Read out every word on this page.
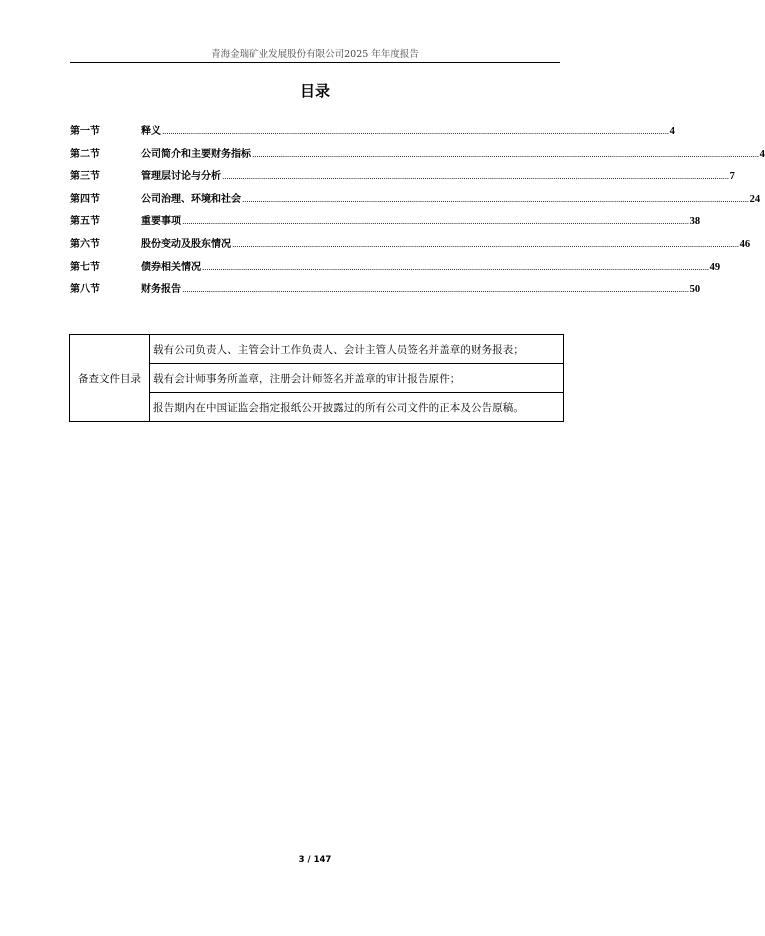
青海金瑞矿业发展股份有限公司2025 年年度报告
目录
第一节	释义 ........................................................................................................................................................................................................................................................ 4
第二节	公司简介和主要财务指标 ........................................................................................................................................................................................................................................................ 4
第三节	管理层讨论与分析 ........................................................................................................................................................................................................................................................ 7
第四节	公司治理、环境和社会 ........................................................................................................................................................................................................................................................ 24
第五节	重要事项 ........................................................................................................................................................................................................................................................ 38
第六节	股份变动及股东情况 ........................................................................................................................................................................................................................................................ 46
第七节	债券相关情况 ........................................................................................................................................................................................................................................................ 49
第八节	财务报告 ........................................................................................................................................................................................................................................................ 50
备查文件目录	载有公司负责人、主管会计工作负责人、会计主管人员签名并盖章的财务报表；
载有会计师事务所盖章，注册会计师签名并盖章的审计报告原件；
报告期内在中国证监会指定报纸公开披露过的所有公司文件的正本及公告原稿。
3 / 147
